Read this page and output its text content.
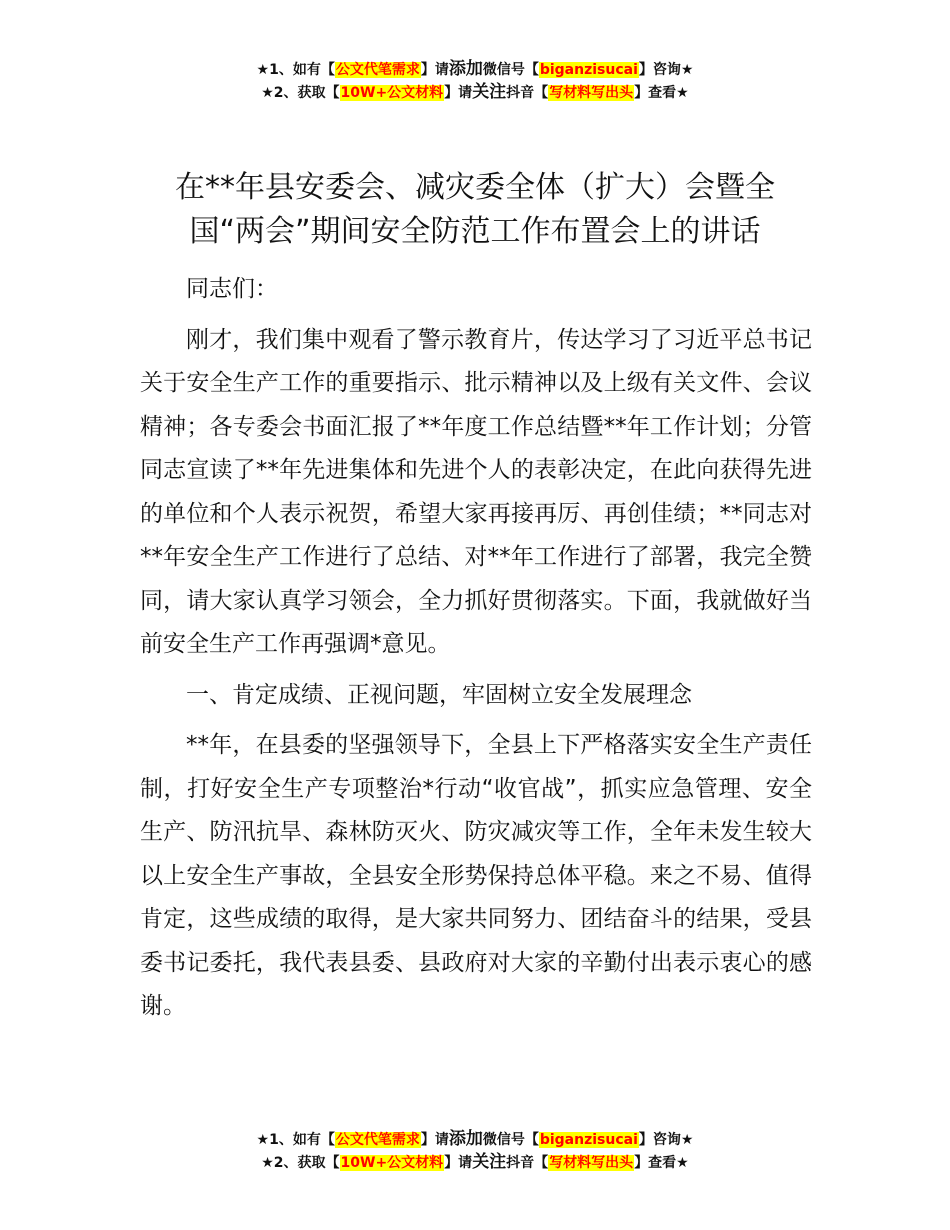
★1、如有【公文代笔需求】请添加微信号【biganzisucai】咨询★
★2、获取【10W+公文材料】请关注抖音【写材料写出头】查看★
在**年县安委会、减灾委全体（扩大）会暨全国“两会”期间安全防范工作布置会上的讲话

同志们：

刚才，我们集中观看了警示教育片，传达学习了习近平总书记关于安全生产工作的重要指示、批示精神以及上级有关文件、会议精神；各专委会书面汇报了**年度工作总结暨**年工作计划；分管同志宣读了**年先进集体和先进个人的表彰决定，在此向获得先进的单位和个人表示祝贺，希望大家再接再厉、再创佳绩；**同志对**年安全生产工作进行了总结、对**年工作进行了部署，我完全赞同，请大家认真学习领会，全力抓好贯彻落实。下面，我就做好当前安全生产工作再强调*意见。

一、肯定成绩、正视问题，牢固树立安全发展理念

**年，在县委的坚强领导下，全县上下严格落实安全生产责任制，打好安全生产专项整治*行动“收官战”，抓实应急管理、安全生产、防汛抗旱、森林防灭火、防灾减灾等工作，全年未发生较大以上安全生产事故，全县安全形势保持总体平稳。来之不易、值得肯定，这些成绩的取得，是大家共同努力、团结奋斗的结果，受县委书记委托，我代表县委、县政府对大家的辛勤付出表示衷心的感谢。

★1、如有【公文代笔需求】请添加微信号【biganzisucai】咨询★
★2、获取【10W+公文材料】请关注抖音【写材料写出头】查看★
